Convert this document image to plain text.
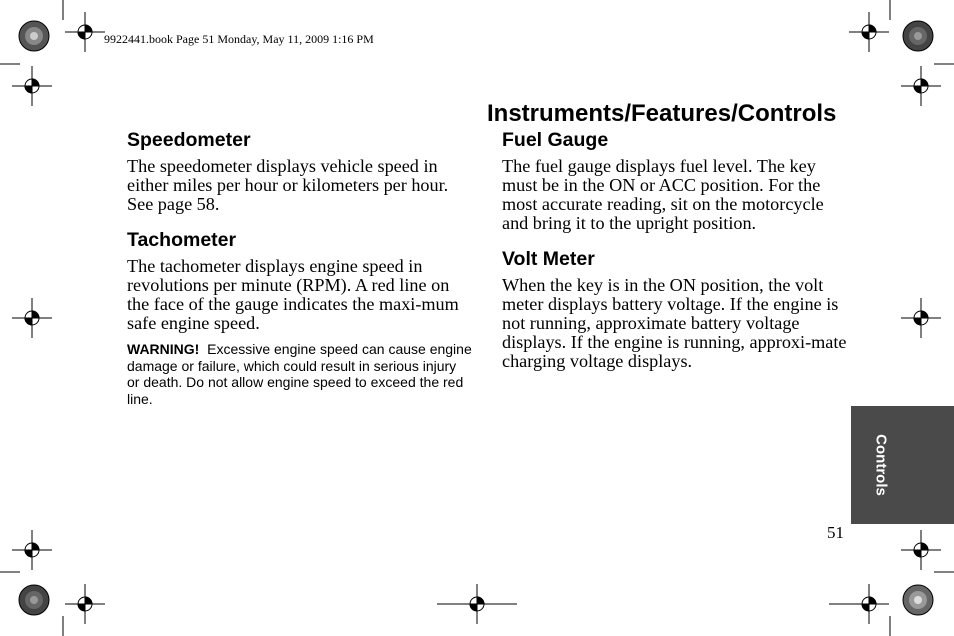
9922441.book Page 51 Monday, May 11, 2009 1:16 PM
Instruments/Features/Controls
Speedometer

The speedometer displays vehicle speed in either miles per hour or kilometers per hour. See page 58.

Tachometer

The tachometer displays engine speed in revolutions per minute (RPM). A red line on the face of the gauge indicates the maxi-mum safe engine speed.

WARNING! Excessive engine speed can cause engine damage or failure, which could result in serious injury or death. Do not allow engine speed to exceed the red line.

Fuel Gauge

The fuel gauge displays fuel level. The key must be in the ON or ACC position. For the most accurate reading, sit on the motorcycle and bring it to the upright position.

Volt Meter

When the key is in the ON position, the volt meter displays battery voltage. If the engine is not running, approximate battery voltage displays. If the engine is running, approxi-mate charging voltage displays.

Controls
51
